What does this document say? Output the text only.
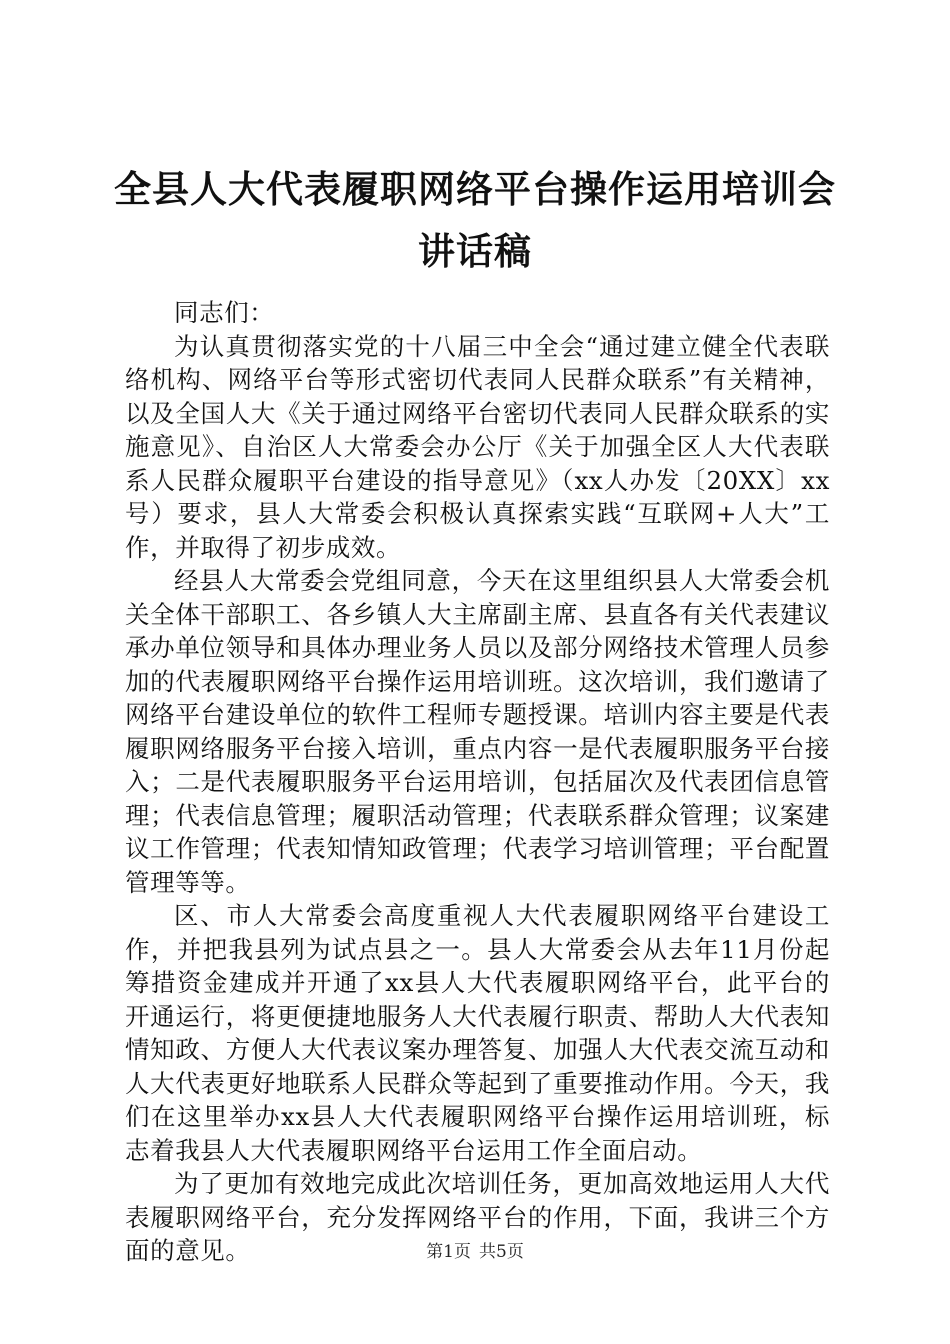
全县人大代表履职网络平台操作运用培训会讲话稿

同志们：

为认真贯彻落实党的十八届三中全会“通过建立健全代表联络机构、网络平台等形式密切代表同人民群众联系”有关精神，以及全国人大《关于通过网络平台密切代表同人民群众联系的实施意见》、自治区人大常委会办公厅《关于加强全区人大代表联系人民群众履职平台建设的指导意见》（xx人办发〔20XX〕xx号）要求，县人大常委会积极认真探索实践“互联网+人大”工作，并取得了初步成效。

经县人大常委会党组同意，今天在这里组织县人大常委会机关全体干部职工、各乡镇人大主席副主席、县直各有关代表建议承办单位领导和具体办理业务人员以及部分网络技术管理人员参加的代表履职网络平台操作运用培训班。这次培训，我们邀请了网络平台建设单位的软件工程师专题授课。培训内容主要是代表履职网络服务平台接入培训，重点内容一是代表履职服务平台接入；二是代表履职服务平台运用培训，包括届次及代表团信息管理；代表信息管理；履职活动管理；代表联系群众管理；议案建议工作管理；代表知情知政管理；代表学习培训管理；平台配置管理等等。

区、市人大常委会高度重视人大代表履职网络平台建设工作，并把我县列为试点县之一。县人大常委会从去年11月份起筹措资金建成并开通了xx县人大代表履职网络平台，此平台的开通运行，将更便捷地服务人大代表履行职责、帮助人大代表知情知政、方便人大代表议案办理答复、加强人大代表交流互动和人大代表更好地联系人民群众等起到了重要推动作用。今天，我们在这里举办xx县人大代表履职网络平台操作运用培训班，标志着我县人大代表履职网络平台运用工作全面启动。

为了更加有效地完成此次培训任务，更加高效地运用人大代表履职网络平台，充分发挥网络平台的作用，下面，我讲三个方面的意见。	第1页 共5页
